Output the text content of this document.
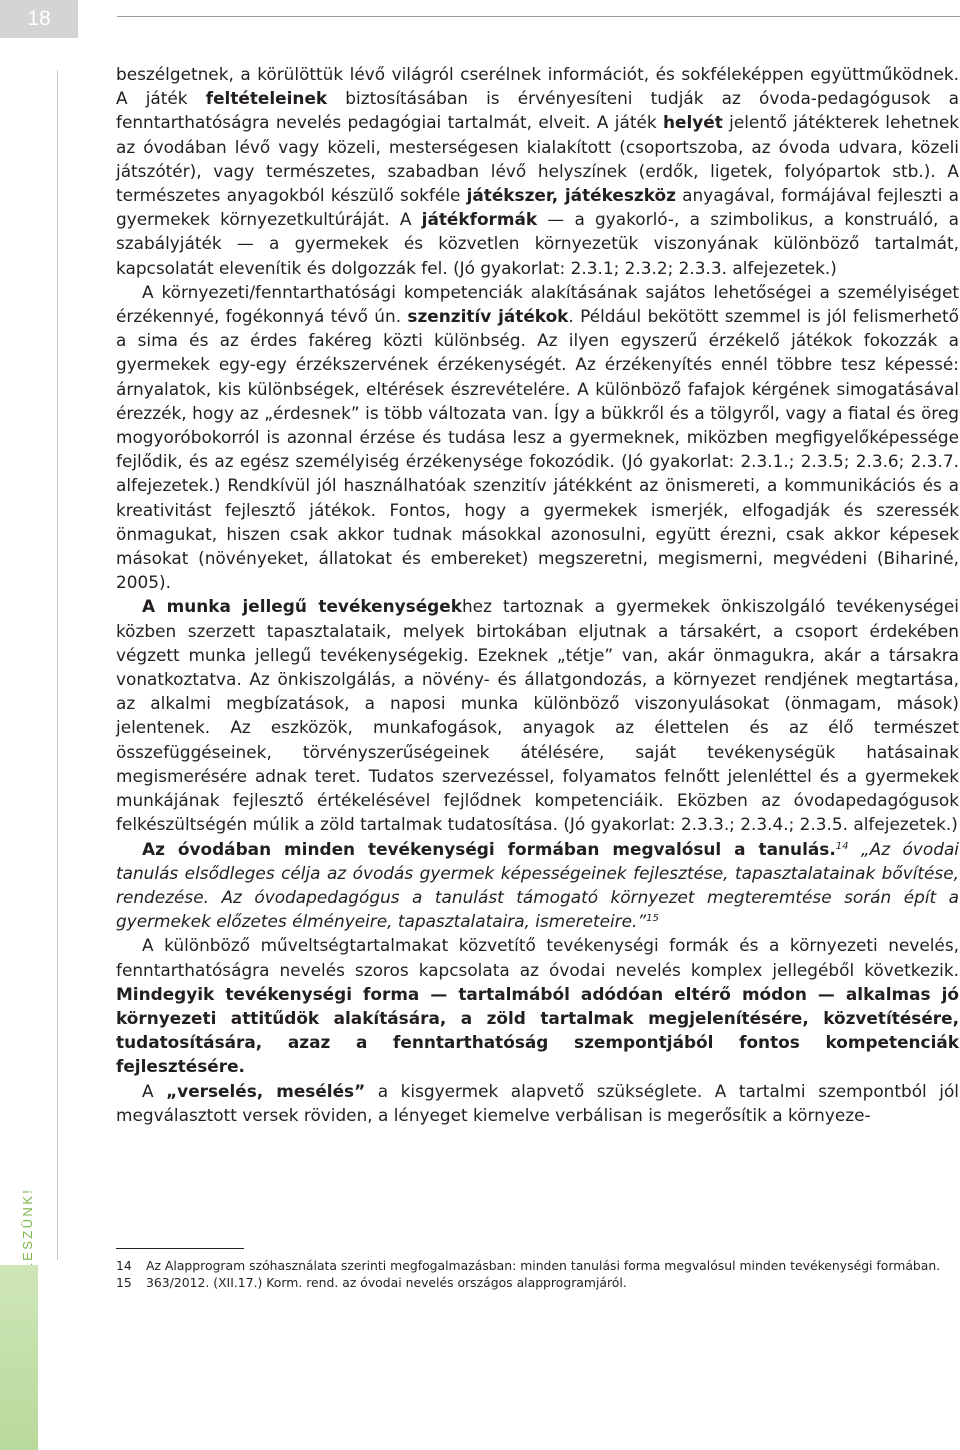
18

beszélgetnek, a körülöttük lévő világról cserélnek információt, és sokféleképpen együttműködnek. A játék feltételeinek biztosításában is érvényesíteni tudják az óvoda-pedagógusok a fenntarthatóságra nevelés pedagógiai tartalmát, elveit. A játék helyét jelentő játékterek lehetnek az óvodában lévő vagy közeli, mesterségesen kialakított (csoportszoba, az óvoda udvara, közeli játszótér), vagy természetes, szabadban lévő helyszínek (erdők, ligetek, folyópartok stb.). A természetes anyagokból készülő sokféle játékszer, játékeszköz anyagával, formájával fejleszti a gyermekek környezetkultúráját. A játékformák — a gyakorló-, a szimbolikus, a konstruáló, a szabályjáték — a gyermekek és közvetlen környezetük viszonyának különböző tartalmát, kapcsolatát elevenítik és dolgozzák fel. (Jó gyakorlat: 2.3.1; 2.3.2; 2.3.3. alfejezetek.)

A környezeti/fenntarthatósági kompetenciák alakításának sajátos lehetőségei a személyiséget érzékennyé, fogékonnyá tévő ún. szenzitív játékok. Például bekötött szemmel is jól felismerhető a sima és az érdes fakéreg közti különbség. Az ilyen egyszerű érzékelő játékok fokozzák a gyermekek egy-egy érzékszervének érzékenységét. Az érzékenyítés ennél többre tesz képessé: árnyalatok, kis különbségek, eltérések észrevételére. A különböző fafajok kérgének simogatásával érezzék, hogy az „érdesnek” is több változata van. Így a bükkről és a tölgyről, vagy a fiatal és öreg mogyoróbokorról is azonnal érzése és tudása lesz a gyermeknek, miközben megfigyelőképessége fejlődik, és az egész személyiség érzékenysége fokozódik. (Jó gyakorlat: 2.3.1.; 2.3.5; 2.3.6; 2.3.7. alfejezetek.) Rendkívül jól használhatóak szenzitív játékként az önismereti, a kommunikációs és a kreativitást fejlesztő játékok. Fontos, hogy a gyermekek ismerjék, elfogadják és szeressék önmagukat, hiszen csak akkor tudnak másokkal azonosulni, együtt érezni, csak akkor képesek másokat (növényeket, állatokat és embereket) megszeretni, megismerni, megvédeni (Bihariné, 2005).

A munka jellegű tevékenységekhez tartoznak a gyermekek önkiszolgáló tevékenységei közben szerzett tapasztalataik, melyek birtokában eljutnak a társakért, a csoport érdekében végzett munka jellegű tevékenységekig. Ezeknek „tétje” van, akár önmagukra, akár a társakra vonatkoztatva. Az önkiszolgálás, a növény- és állatgondozás, a környezet rendjének megtartása, az alkalmi megbízatások, a naposi munka különböző viszonyulásokat (önmagam, mások) jelentenek. Az eszközök, munkafogások, anyagok az élettelen és az élő természet összefüggéseinek, törvényszerűségeinek átélésére, saját tevékenységük hatásainak megismerésére adnak teret. Tudatos szervezéssel, folyamatos felnőtt jelenléttel és a gyermekek munkájának fejlesztő értékelésével fejlődnek kompetenciáik. Eközben az óvodapedagógusok felkészültségén múlik a zöld tartalmak tudatosítása. (Jó gyakorlat: 2.3.3.; 2.3.4.; 2.3.5. alfejezetek.)

Az óvodában minden tevékenységi formában megvalósul a tanulás.$^{14}$ „Az óvodai tanulás elsődleges célja az óvodás gyermek képességeinek fejlesztése, tapasztalatainak bővítése, rendezése. Az óvodapedagógus a tanulást támogató környezet megteremtése során épít a gyermekek előzetes élményeire, tapasztalataira, ismereteire.”$^{15}$

A különböző műveltségtartalmakat közvetítő tevékenységi formák és a környezeti nevelés, fenntarthatóságra nevelés szoros kapcsolata az óvodai nevelés komplex jellegéből következik. Mindegyik tevékenységi forma — tartalmából adódóan eltérő módon — alkalmas jó környezeti attitűdök alakítására, a zöld tartalmak megjelenítésére, közvetítésére, tudatosítására, azaz a fenntarthatóság szempontjából fontos kompetenciák fejlesztésére.

A „verselés, mesélés” a kisgyermek alapvető szükséglete. A tartalmi szempontból jól megválasztott versek röviden, a lényeget kiemelve verbálisan is megerősítik a környeze-

14	Az Alapprogram szóhasználata szerinti megfogalmazásban: minden tanulási forma megvalósul minden tevékenységi formában.
15	363/2012. (XII.17.) Korm. rend. az óvodai nevelés országos alapprogramjáról.
